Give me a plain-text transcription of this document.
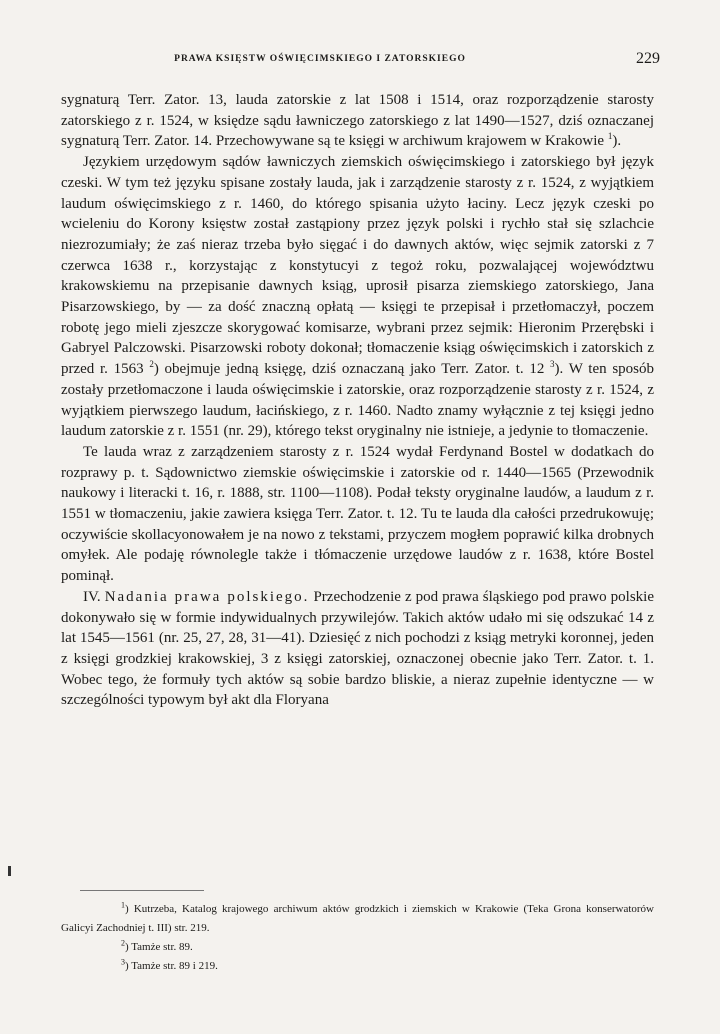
PRAWA KSIĘSTW OŚWIĘCIMSKIEGO I ZATORSKIEGO	229

sygnaturą Terr. Zator. 13, lauda zatorskie z lat 1508 i 1514, oraz rozporządzenie starosty zatorskiego z r. 1524, w księdze sądu ławniczego zatorskiego z lat 1490—1527, dziś oznaczanej sygnaturą Terr. Zator. 14. Przechowywane są te księgi w archiwum krajowem w Krakowie $^1$).

Językiem urzędowym sądów ławniczych ziemskich oświęcimskiego i zatorskiego był język czeski. W tym też języku spisane zostały lauda, jak i zarządzenie starosty z r. 1524, z wyjątkiem laudum oświęcimskiego z r. 1460, do którego spisania użyto łaciny. Lecz język czeski po wcieleniu do Korony księstw został zastąpiony przez język polski i rychło stał się szlachcie niezrozumiały; że zaś nieraz trzeba było sięgać i do dawnych aktów, więc sejmik zatorski z 7 czerwca 1638 r., korzystając z konstytucyi z tegoż roku, pozwalającej województwu krakowskiemu na przepisanie dawnych ksiąg, uprosił pisarza ziemskiego zatorskiego, Jana Pisarzowskiego, by — za dość znaczną opłatą — księgi te przepisał i przetłomaczył, poczem robotę jego mieli zjeszcze skorygować komisarze, wybrani przez sejmik: Hieronim Przerębski i Gabryel Palczowski. Pisarzowski roboty dokonał; tłomaczenie ksiąg oświęcimskich i zatorskich z przed r. 1563 $^2$) obejmuje jedną księgę, dziś oznaczaną jako Terr. Zator. t. 12 $^3$). W ten sposób zostały przetłomaczone i lauda oświęcimskie i zatorskie, oraz rozporządzenie starosty z r. 1524, z wyjątkiem pierwszego laudum, łacińskiego, z r. 1460. Nadto znamy wyłącznie z tej księgi jedno laudum zatorskie z r. 1551 (nr. 29), którego tekst oryginalny nie istnieje, a jedynie to tłomaczenie.

Te lauda wraz z zarządzeniem starosty z r. 1524 wydał Ferdynand Bostel w dodatkach do rozprawy p. t. Sądownictwo ziemskie oświęcimskie i zatorskie od r. 1440—1565 (Przewodnik naukowy i literacki t. 16, r. 1888, str. 1100—1108). Podał teksty oryginalne laudów, a laudum z r. 1551 w tłomaczeniu, jakie zawiera księga Terr. Zator. t. 12. Tu te lauda dla całości przedrukowuję; oczywiście skollacyonowałem je na nowo z tekstami, przyczem mogłem poprawić kilka drobnych omyłek. Ale podaję równolegle także i tłómaczenie urzędowe laudów z r. 1638, które Bostel pominął.

IV. Nadania prawa polskiego. Przechodzenie z pod prawa śląskiego pod prawo polskie dokonywało się w formie indywidualnych przywilejów. Takich aktów udało mi się odszukać 14 z lat 1545—1561 (nr. 25, 27, 28, 31—41). Dziesięć z nich pochodzi z ksiąg metryki koronnej, jeden z księgi grodzkiej krakowskiej, 3 z księgi zatorskiej, oznaczonej obecnie jako Terr. Zator. t. 1. Wobec tego, że formuły tych aktów są sobie bardzo bliskie, a nieraz zupełnie identyczne — w szczególności typowym był akt dla Floryana

$^1$) Kutrzeba, Katalog krajowego archiwum aktów grodzkich i ziemskich w Krakowie (Teka Grona konserwatorów Galicyi Zachodniej t. III) str. 219.

$^2$) Tamże str. 89.

$^3$) Tamże str. 89 i 219.
